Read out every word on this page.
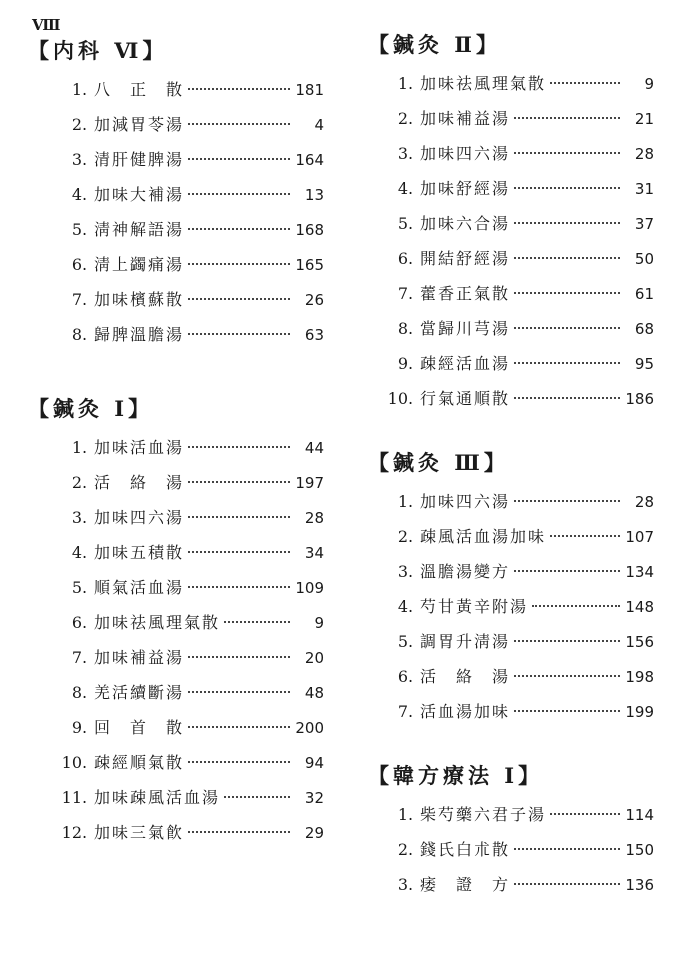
Ⅷ
【内科 Ⅵ】
1 . 八　正　散	181
2 . 加減胃苓湯	4
3 . 清肝健脾湯	164
4 . 加味大補湯	13
5 . 淸神解語湯	168
6 . 淸上蠲痛湯	165
7 . 加味檳蘇散	26
8 . 歸脾溫膽湯	63
【鍼灸 Ⅰ】
1 . 加味活血湯	44
2 . 活　絡　湯	197
3 . 加味四六湯	28
4 . 加味五積散	34
5 . 順氣活血湯	109
6 . 加味祛風理氣散	9
7 . 加味補益湯	20
8 . 羌活續斷湯	48
9 . 回　首　散	200
10 . 疎經順氣散	94
11 . 加味疎風活血湯	32
12 . 加味三氣飮	29
【鍼灸 Ⅱ】
1 . 加味祛風理氣散	9
2 . 加味補益湯	21
3 . 加味四六湯	28
4 . 加味舒經湯	31
5 . 加味六合湯	37
6 . 開結舒經湯	50
7 . 藿香正氣散	61
8 . 當歸川芎湯	68
9 . 疎經活血湯	95
10 . 行氣通順散	186
【鍼灸 Ⅲ】
1 . 加味四六湯	28
2 . 疎風活血湯加味	107
3 . 溫膽湯變方	134
4 . 芍甘黃辛附湯	148
5 . 調胃升淸湯	156
6 . 活　絡　湯	198
7 . 活血湯加味	199
【韓方療法 Ⅰ】
1 . 柴芍藥六君子湯	114
2 . 錢氏白朮散	150
3 . 痿　證　方	136
